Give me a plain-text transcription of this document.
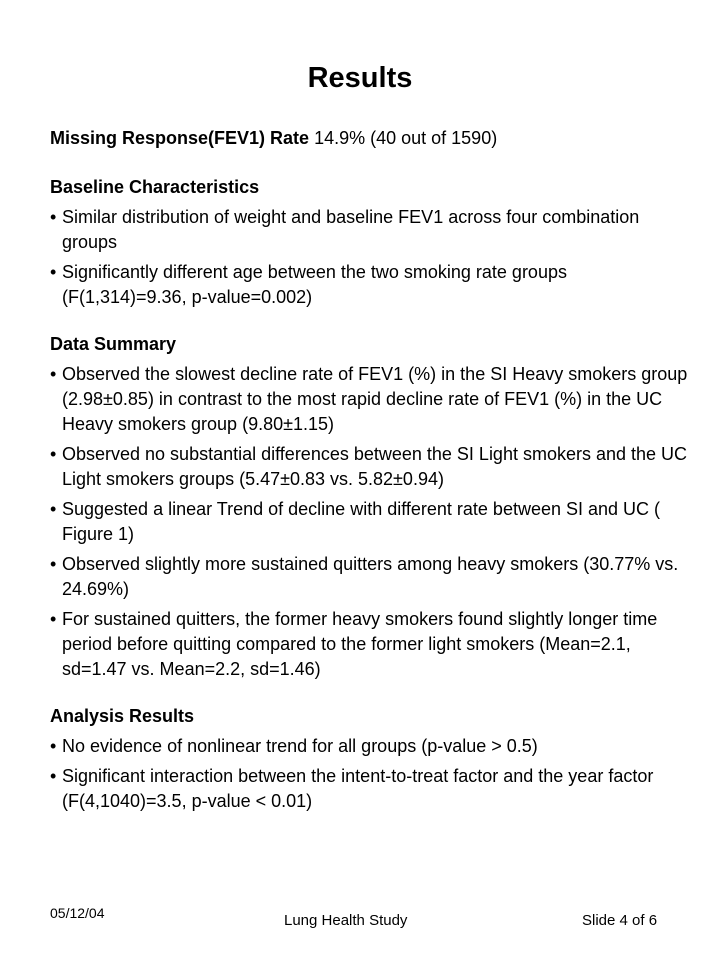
Results
Missing Response(FEV1) Rate 14.9% (40 out of 1590)
Baseline Characteristics
• Similar distribution of weight and baseline FEV1 across four combination groups
• Significantly different age between the two smoking rate groups (F(1,314)=9.36, p-value=0.002)
Data Summary
• Observed the slowest decline rate of FEV1 (%) in the SI Heavy smokers group (2.98±0.85) in contrast to the most rapid decline rate of FEV1 (%) in the UC Heavy smokers group (9.80±1.15)
• Observed no substantial differences between the SI Light smokers and the UC Light smokers groups (5.47±0.83 vs. 5.82±0.94)
• Suggested a linear Trend of decline with different rate between SI and UC ( Figure 1)
• Observed slightly more sustained quitters among heavy smokers (30.77% vs. 24.69%)
• For sustained quitters, the former heavy smokers found slightly longer time period before quitting compared to the former light smokers (Mean=2.1, sd=1.47 vs. Mean=2.2, sd=1.46)
Analysis Results
• No evidence of nonlinear trend for all groups (p-value > 0.5)
• Significant interaction between the intent-to-treat factor and the year factor (F(4,1040)=3.5, p-value < 0.01)
05/12/04	Lung Health Study	Slide 4 of 6
